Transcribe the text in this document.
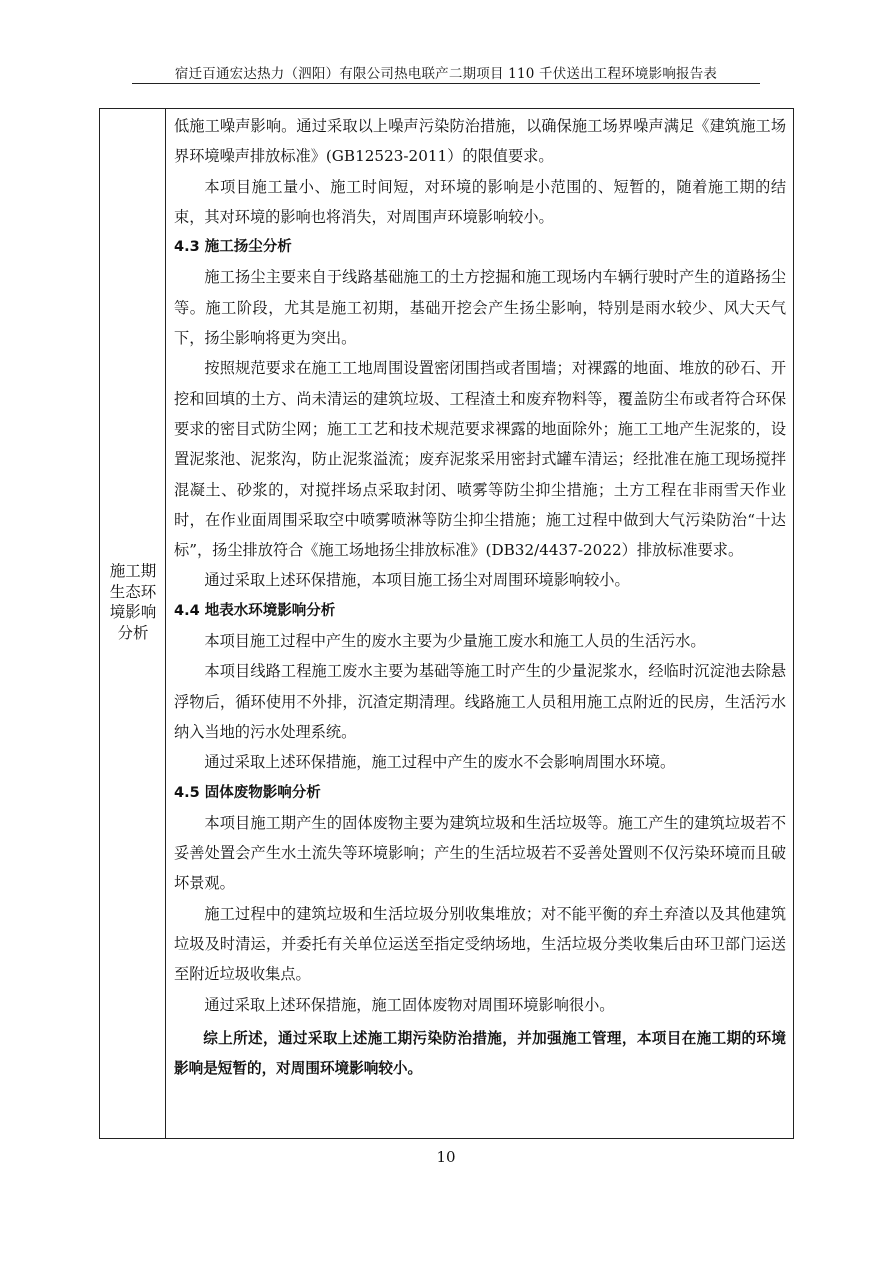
宿迁百通宏达热力（泗阳）有限公司热电联产二期项目 110 千伏送出工程环境影响报告表
施工期
生态环
境影响
分析

低施工噪声影响。通过采取以上噪声污染防治措施，以确保施工场界噪声满足《建筑施工场界环境噪声排放标准》(GB12523-2011）的限值要求。

本项目施工量小、施工时间短，对环境的影响是小范围的、短暂的，随着施工期的结束，其对环境的影响也将消失，对周围声环境影响较小。

4.3 施工扬尘分析

施工扬尘主要来自于线路基础施工的土方挖掘和施工现场内车辆行驶时产生的道路扬尘等。施工阶段，尤其是施工初期，基础开挖会产生扬尘影响，特别是雨水较少、风大天气下，扬尘影响将更为突出。

按照规范要求在施工工地周围设置密闭围挡或者围墙；对裸露的地面、堆放的砂石、开挖和回填的土方、尚未清运的建筑垃圾、工程渣土和废弃物料等，覆盖防尘布或者符合环保要求的密目式防尘网；施工工艺和技术规范要求裸露的地面除外；施工工地产生泥浆的，设置泥浆池、泥浆沟，防止泥浆溢流；废弃泥浆采用密封式罐车清运；经批准在施工现场搅拌混凝土、砂浆的，对搅拌场点采取封闭、喷雾等防尘抑尘措施；土方工程在非雨雪天作业时，在作业面周围采取空中喷雾喷淋等防尘抑尘措施；施工过程中做到大气污染防治“十达标”，扬尘排放符合《施工场地扬尘排放标准》(DB32/4437-2022）排放标准要求。

通过采取上述环保措施，本项目施工扬尘对周围环境影响较小。

4.4 地表水环境影响分析

本项目施工过程中产生的废水主要为少量施工废水和施工人员的生活污水。

本项目线路工程施工废水主要为基础等施工时产生的少量泥浆水，经临时沉淀池去除悬浮物后，循环使用不外排，沉渣定期清理。线路施工人员租用施工点附近的民房，生活污水纳入当地的污水处理系统。

通过采取上述环保措施，施工过程中产生的废水不会影响周围水环境。

4.5 固体废物影响分析

本项目施工期产生的固体废物主要为建筑垃圾和生活垃圾等。施工产生的建筑垃圾若不妥善处置会产生水土流失等环境影响；产生的生活垃圾若不妥善处置则不仅污染环境而且破坏景观。

施工过程中的建筑垃圾和生活垃圾分别收集堆放；对不能平衡的弃土弃渣以及其他建筑垃圾及时清运，并委托有关单位运送至指定受纳场地，生活垃圾分类收集后由环卫部门运送至附近垃圾收集点。

通过采取上述环保措施，施工固体废物对周围环境影响很小。

综上所述，通过采取上述施工期污染防治措施，并加强施工管理，本项目在施工期的环境影响是短暂的，对周围环境影响较小。

10
